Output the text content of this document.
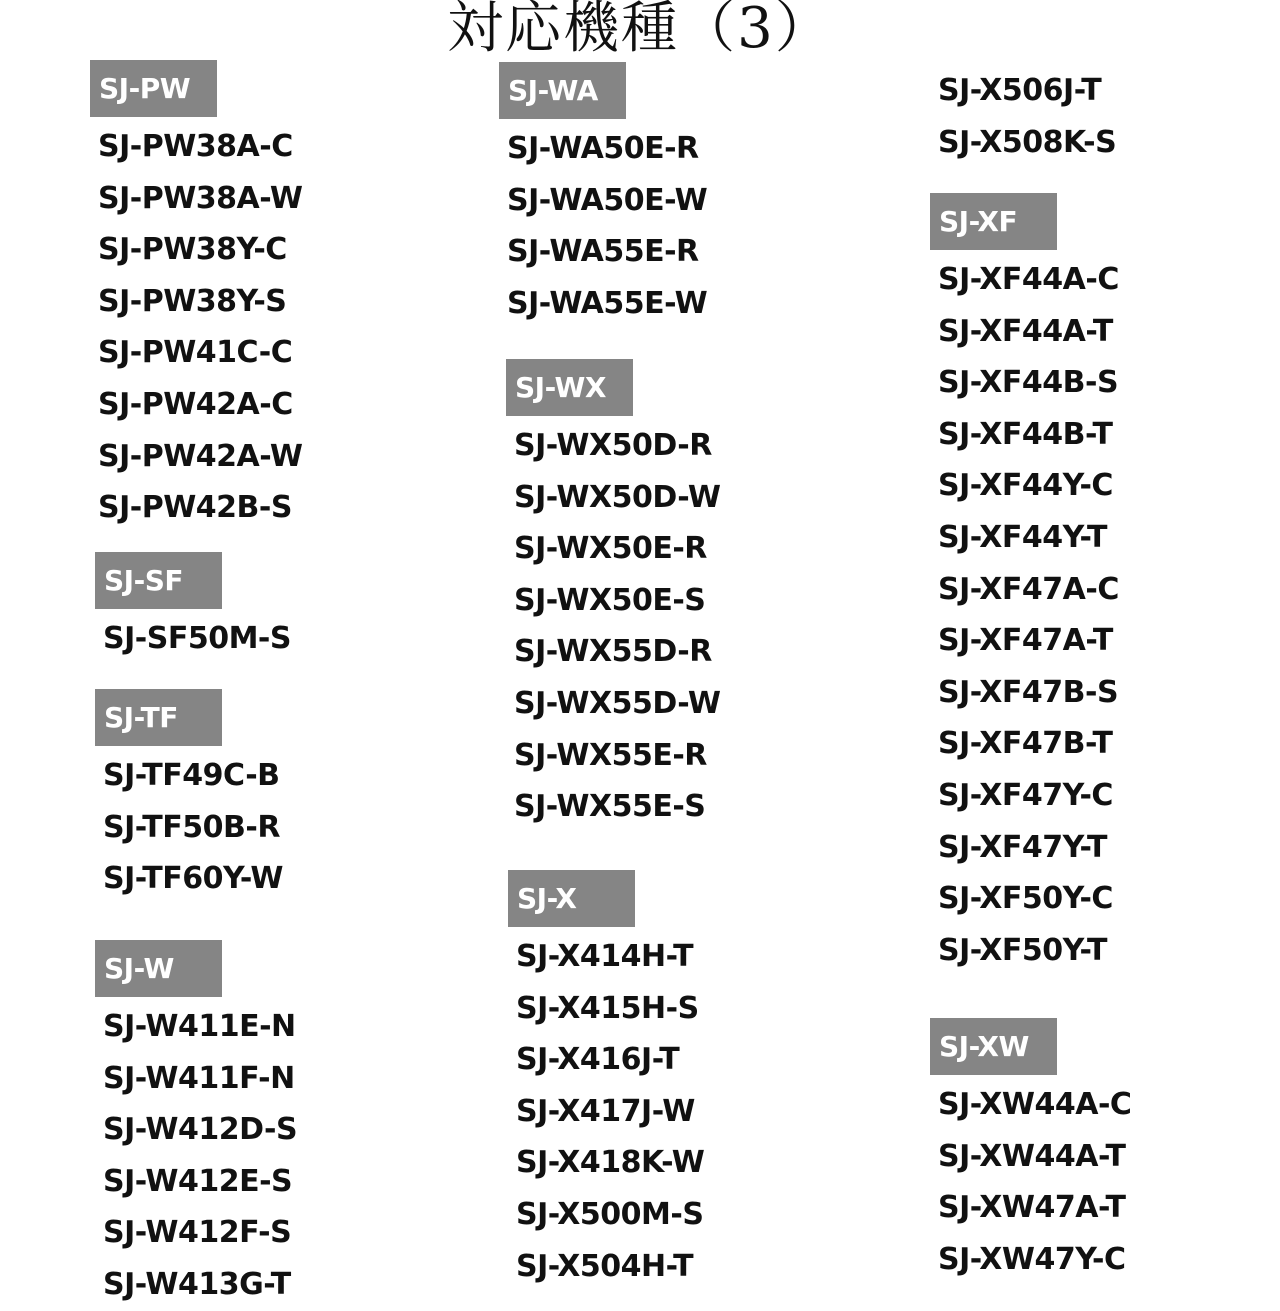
対応機種（3）
SJ-PW
SJ-PW38A-C
SJ-PW38A-W
SJ-PW38Y-C
SJ-PW38Y-S
SJ-PW41C-C
SJ-PW42A-C
SJ-PW42A-W
SJ-PW42B-S
SJ-SF
SJ-SF50M-S
SJ-TF
SJ-TF49C-B
SJ-TF50B-R
SJ-TF60Y-W
SJ-W
SJ-W411E-N
SJ-W411F-N
SJ-W412D-S
SJ-W412E-S
SJ-W412F-S
SJ-W413G-T
SJ-WA
SJ-WA50E-R
SJ-WA50E-W
SJ-WA55E-R
SJ-WA55E-W
SJ-WX
SJ-WX50D-R
SJ-WX50D-W
SJ-WX50E-R
SJ-WX50E-S
SJ-WX55D-R
SJ-WX55D-W
SJ-WX55E-R
SJ-WX55E-S
SJ-X
SJ-X414H-T
SJ-X415H-S
SJ-X416J-T
SJ-X417J-W
SJ-X418K-W
SJ-X500M-S
SJ-X504H-T
SJ-X506J-T
SJ-X508K-S
SJ-XF
SJ-XF44A-C
SJ-XF44A-T
SJ-XF44B-S
SJ-XF44B-T
SJ-XF44Y-C
SJ-XF44Y-T
SJ-XF47A-C
SJ-XF47A-T
SJ-XF47B-S
SJ-XF47B-T
SJ-XF47Y-C
SJ-XF47Y-T
SJ-XF50Y-C
SJ-XF50Y-T
SJ-XW
SJ-XW44A-C
SJ-XW44A-T
SJ-XW47A-T
SJ-XW47Y-C
